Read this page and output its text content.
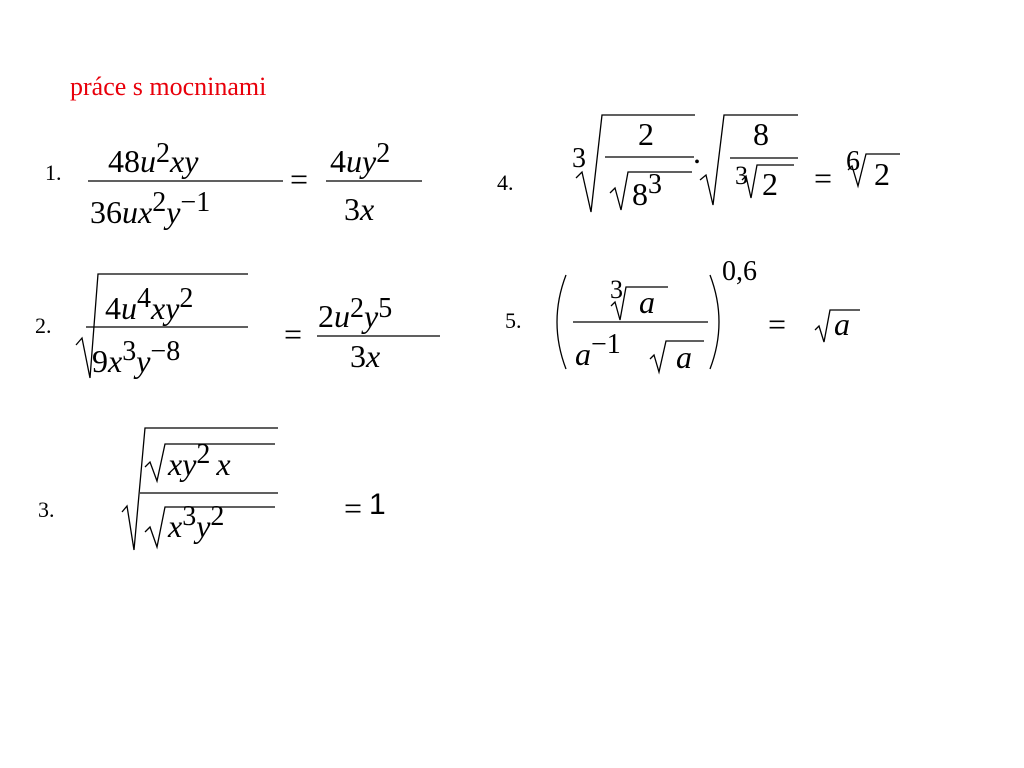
práce s mocninami
1. 48u2xy
36ux2y−1
= 4uy2
3x
2. 4u4xy2
9x3y−8	= 2u2y5
3x
3.
xy2 x
x3y2	= 1
4.
3
2
83
. 8
3 2 = 6 2
5.
3 a
a−1 a
0,6
= a
